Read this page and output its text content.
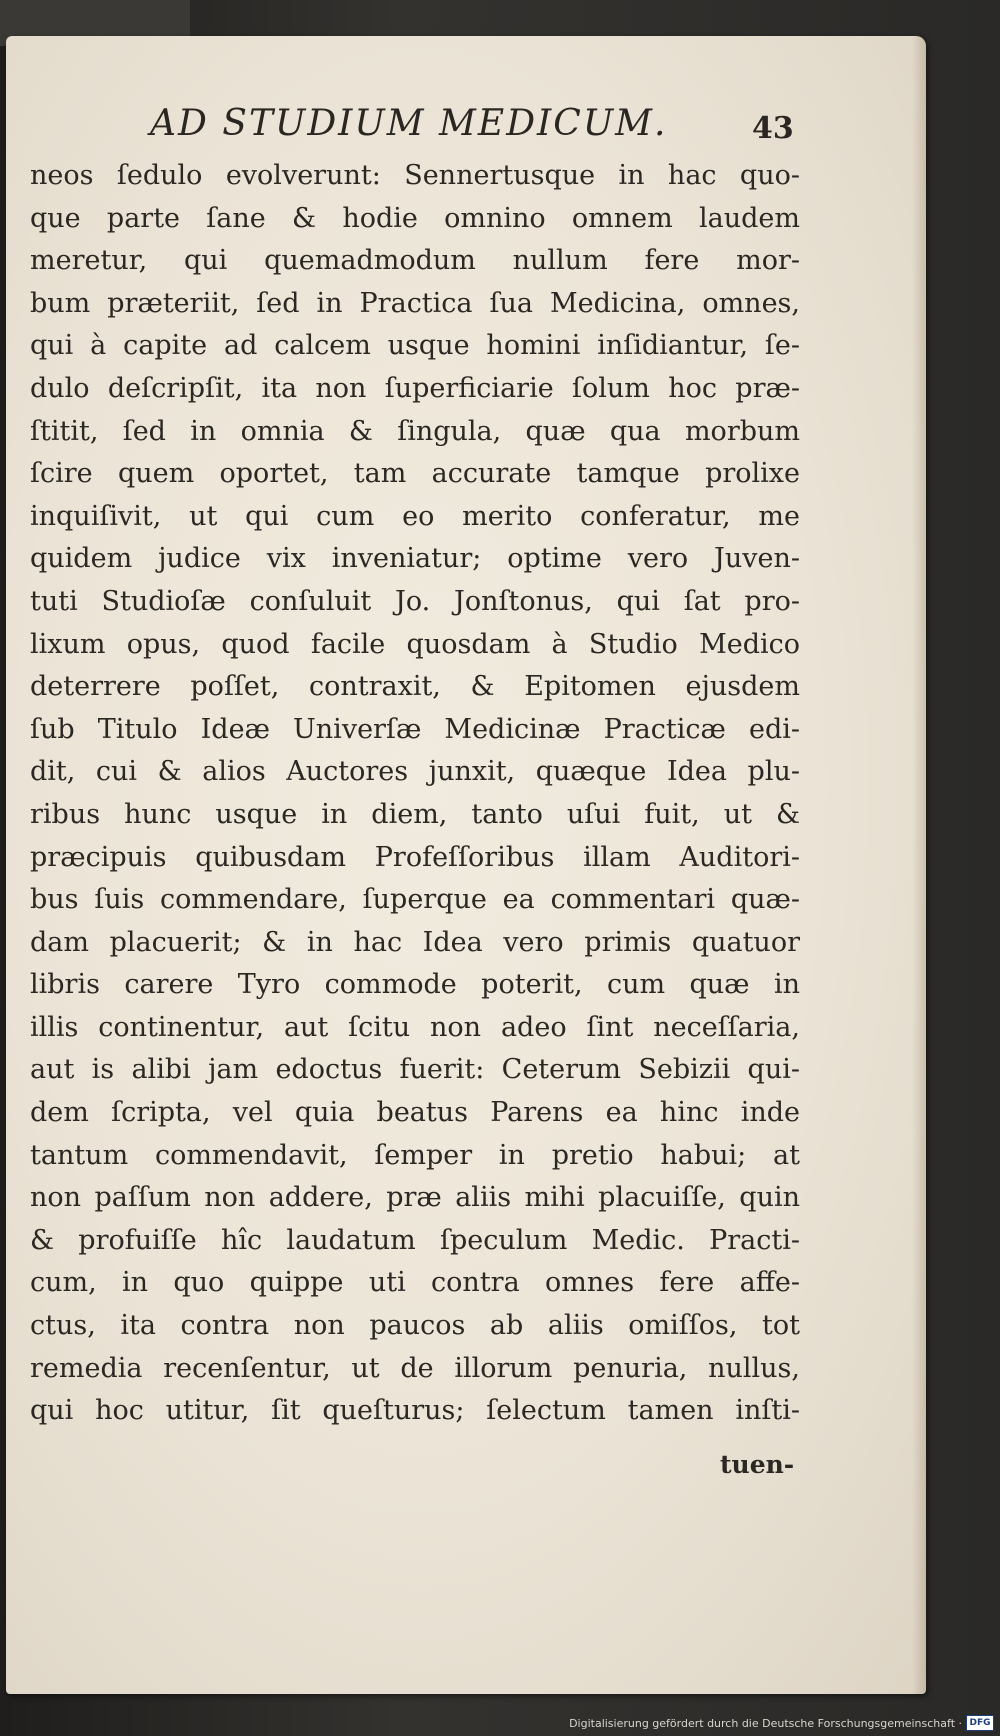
AD STUDIUM MEDICUM.	43
neos ſedulo evolverunt: Sennertusque in hac quo-
que parte ſane & hodie omnino omnem laudem
meretur, qui quemadmodum nullum fere mor-
bum præteriit, ſed in Practica ſua Medicina, omnes,
qui à capite ad calcem usque homini inſidiantur, ſe-
dulo deſcripſit, ita non ſuperficiarie ſolum hoc præ-
ſtitit, ſed in omnia & ſingula, quæ qua morbum
ſcire quem oportet, tam accurate tamque prolixe
inquiſivit, ut qui cum eo merito conferatur, me
quidem judice vix inveniatur; optime vero Juven-
tuti Studioſæ conſuluit Jo. Jonſtonus, qui ſat pro-
lixum opus, quod facile quosdam à Studio Medico
deterrere poſſet, contraxit, & Epitomen ejusdem
ſub Titulo Ideæ Univerſæ Medicinæ Practicæ edi-
dit, cui & alios Auctores junxit, quæque Idea plu-
ribus hunc usque in diem, tanto uſui fuit, ut &
præcipuis quibusdam Profeſſoribus illam Auditori-
bus ſuis commendare, ſuperque ea commentari quæ-
dam placuerit; & in hac Idea vero primis quatuor
libris carere Tyro commode poterit, cum quæ in
illis continentur, aut ſcitu non adeo ſint neceſſaria,
aut is alibi jam edoctus fuerit: Ceterum Sebizii qui-
dem ſcripta, vel quia beatus Parens ea hinc inde
tantum commendavit, ſemper in pretio habui; at
non paſſum non addere, præ aliis mihi placuiſſe, quin
& profuiſſe hîc laudatum ſpeculum Medic. Practi-
cum, in quo quippe uti contra omnes fere affe-
ctus, ita contra non paucos ab aliis omiſſos, tot
remedia recenſentur, ut de illorum penuria, nullus,
qui hoc utitur, ſit queſturus; ſelectum tamen inſti-
tuen-
Digitalisierung gefördert durch die Deutsche Forschungsgemeinschaft · DFG
